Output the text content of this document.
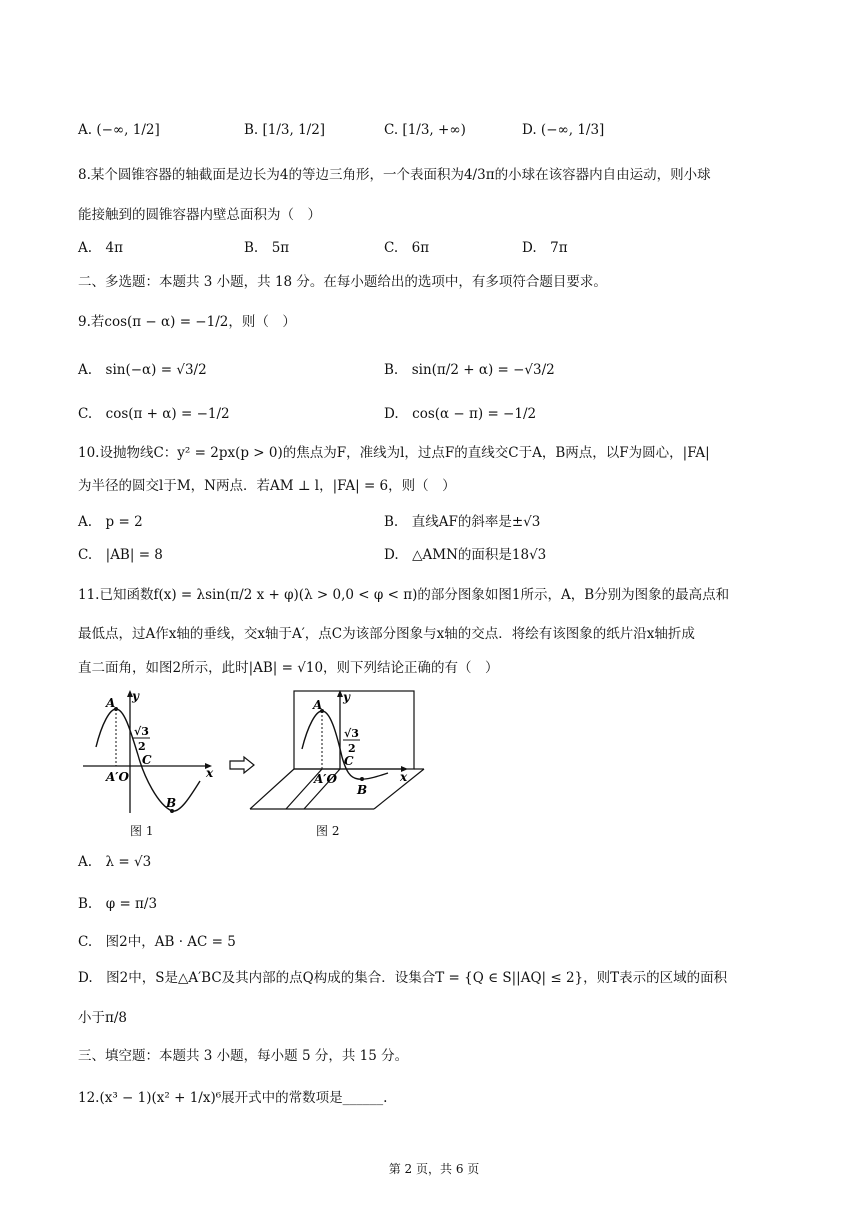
A. (−∞, 1/2]	B. [1/3, 1/2]	C. [1/3, +∞)	D. (−∞, 1/3]
8.某个圆锥容器的轴截面是边长为4的等边三角形，一个表面积为4/3π的小球在该容器内自由运动，则小球
能接触到的圆锥容器内壁总面积为（　）
A.　4π	B.　5π	C.　6π	D.　7π
二、多选题：本题共 3 小题，共 18 分。在每小题给出的选项中，有多项符合题目要求。
9.若cos(π − α) = −1/2，则（　）
A.　sin(−α) = √3/2	B.　sin(π/2 + α) = −√3/2
C.　cos(π + α) = −1/2	D.　cos(α − π) = −1/2
10.设抛物线C：y² = 2px(p > 0)的焦点为F，准线为l，过点F的直线交C于A，B两点，以F为圆心，|FA|
为半径的圆交l于M，N两点．若AM ⊥ l，|FA| = 6，则（　）
A.　p = 2	B.　直线AF的斜率是±√3
C.　|AB| = 8	D.　△AMN的面积是18√3
11.已知函数f(x) = λsin(π/2 x + φ)(λ > 0,0 < φ < π)的部分图象如图1所示，A，B分别为图象的最高点和
最低点，过A作x轴的垂线，交x轴于A′，点C为该部分图象与x轴的交点．将绘有该图象的纸片沿x轴折成
直二面角，如图2所示，此时|AB| = √10，则下列结论正确的有（　）
y
A
√3
2
C
A′O	x
B
y
A
√3
2
C
A′O	x
B
图 1	图 2
A.　λ = √3
B.　φ = π/3
C.　图2中，AB · AC = 5
D.　图2中，S是△A′BC及其内部的点Q构成的集合．设集合T = {Q ∈ S||AQ| ≤ 2}，则T表示的区域的面积
小于π/8
三、填空题：本题共 3 小题，每小题 5 分，共 15 分。
12.(x³ − 1)(x² + 1/x)⁶展开式中的常数项是______.
第 2 页，共 6 页
